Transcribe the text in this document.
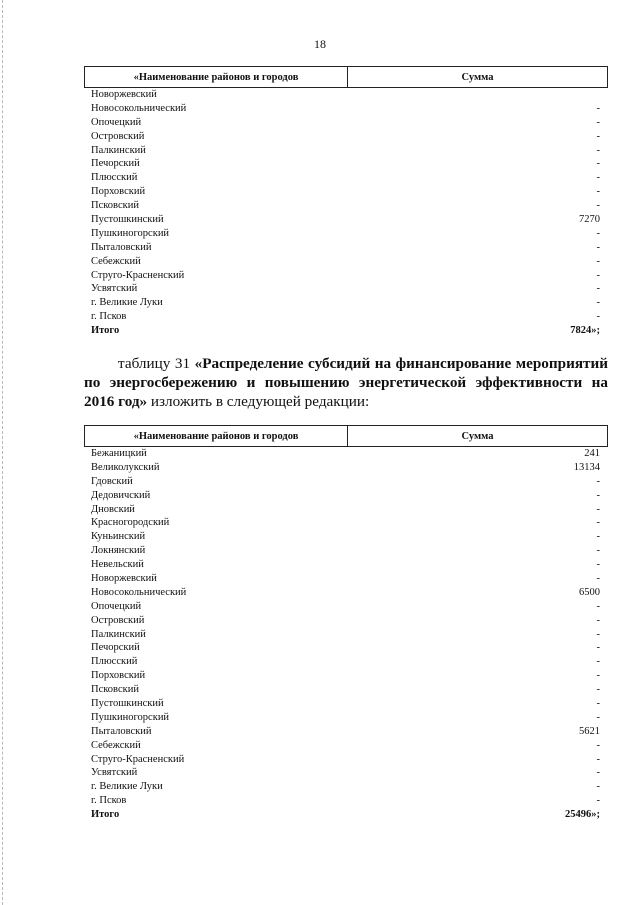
18
«Наименование районов и городов	Сумма
Новоржевский
Новосокольнический	-
Опочецкий	-
Островский	-
Палкинский	-
Печорский	-
Плюсский	-
Порховский	-
Псковский	-
Пустошкинский	7270
Пушкиногорский	-
Пыталовский	-
Себежский	-
Струго-Красненский	-
Усвятский	-
г. Великие Луки	-
г. Псков	-
Итого	7824»;
таблицу 31 «Распределение субсидий на финансирование мероприятий по энергосбережению и повышению энергетической эффективности на 2016 год» изложить в следующей редакции:
«Наименование районов и городов	Сумма
Бежаницкий	241
Великолукский	13134
Гдовский	-
Дедовичский	-
Дновский	-
Красногородский	-
Куньинский	-
Локнянский	-
Невельский	-
Новоржевский	-
Новосокольнический	6500
Опочецкий	-
Островский	-
Палкинский	-
Печорский	-
Плюсский	-
Порховский	-
Псковский	-
Пустошкинский	-
Пушкиногорский	-
Пыталовский	5621
Себежский	-
Струго-Красненский	-
Усвятский	-
г. Великие Луки	-
г. Псков	-
Итого	25496»;
